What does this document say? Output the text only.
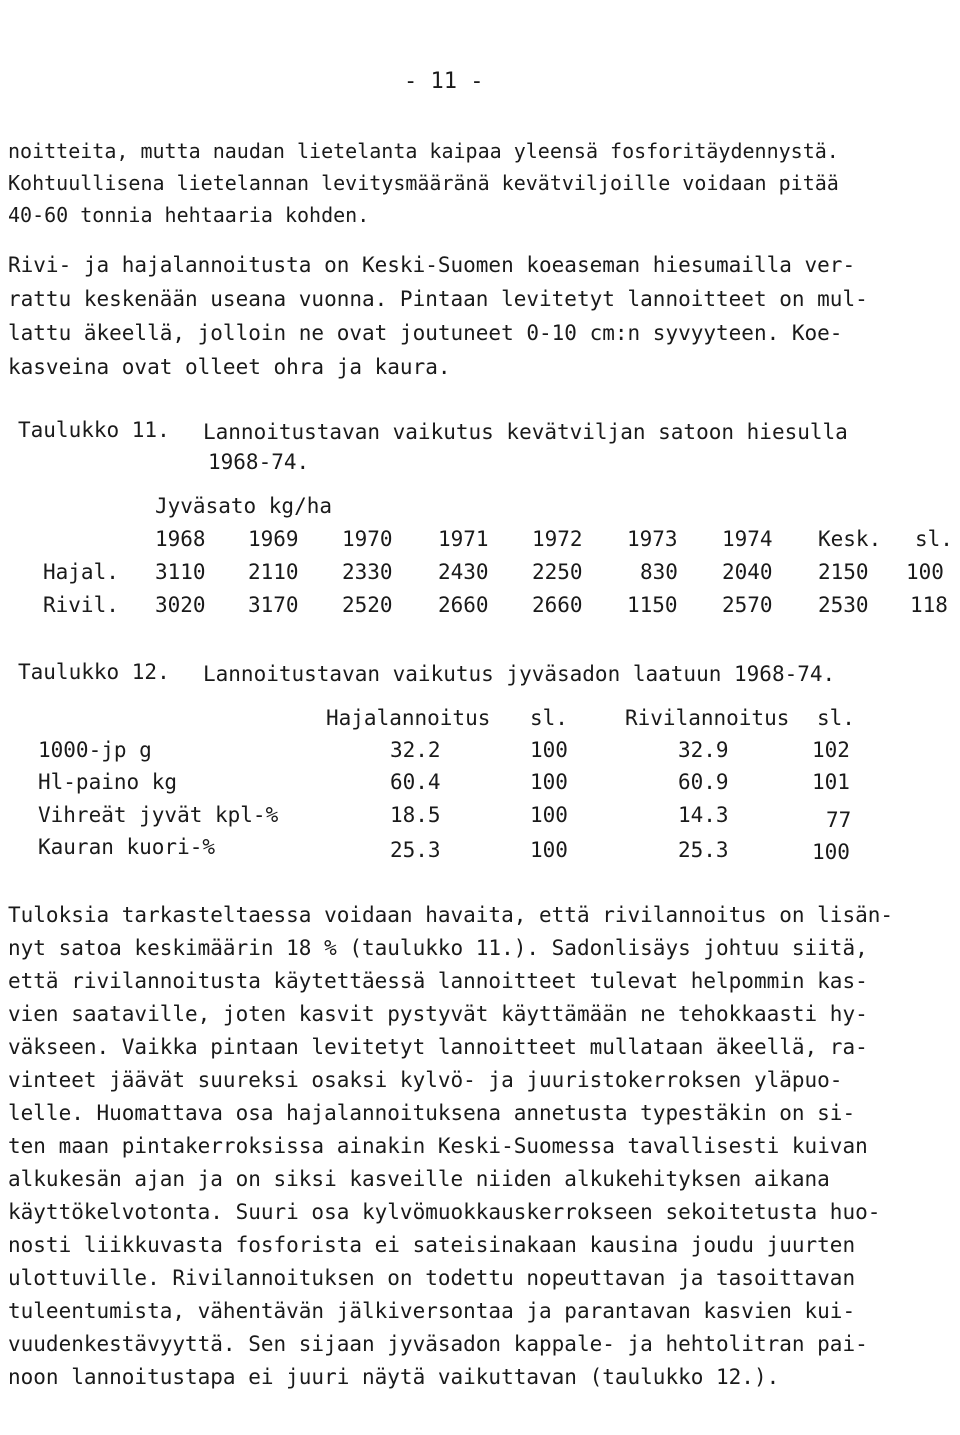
- 11 -
noitteita, mutta naudan lietelanta kaipaa yleensä fosforitäydennystä.
Kohtuullisena lietelannan levitysmääränä kevätviljoille voidaan pitää
40-60 tonnia hehtaaria kohden.
Rivi- ja hajalannoitusta on Keski-Suomen koeaseman hiesumailla ver-
rattu keskenään useana vuonna. Pintaan levitetyt lannoitteet on mul-
lattu äkeellä, jolloin ne ovat joutuneet 0-10 cm:n syvyyteen. Koe-
kasveina ovat olleet ohra ja kaura.
Taulukko 11. Lannoitustavan vaikutus kevätviljan satoon hiesulla
1968-74.
Jyväsato kg/ha
1968 1969 1970 1971 1972 1973 1974 Kesk. sl.
Hajal. 3110 2110 2330 2430 2250	830 2040 2150 100
Rivil. 3020 3170 2520 2660 2660 1150 2570 2530 118
Taulukko 12. Lannoitustavan vaikutus jyväsadon laatuun 1968-74.
Hajalannoitus sl.	Rivilannoitus sl.
1000-jp g	32.2	100	32.9	102
Hl-paino kg	60.4	100	60.9	101
Vihreät jyvät kpl-%	18.5	100	14.3	77
Kauran kuori-%	25.3	100	25.3	100
Tuloksia tarkasteltaessa voidaan havaita, että rivilannoitus on lisän-
nyt satoa keskimäärin 18 % (taulukko 11.). Sadonlisäys johtuu siitä,
että rivilannoitusta käytettäessä lannoitteet tulevat helpommin kas-
vien saataville, joten kasvit pystyvät käyttämään ne tehokkaasti hy-
väkseen. Vaikka pintaan levitetyt lannoitteet mullataan äkeellä, ra-
vinteet jäävät suureksi osaksi kylvö- ja juuristokerroksen yläpuo-
lelle. Huomattava osa hajalannoituksena annetusta typestäkin on si-
ten maan pintakerroksissa ainakin Keski-Suomessa tavallisesti kuivan
alkukesän ajan ja on siksi kasveille niiden alkukehityksen aikana
käyttökelvotonta. Suuri osa kylvömuokkauskerrokseen sekoitetusta huo-
nosti liikkuvasta fosforista ei sateisinakaan kausina joudu juurten
ulottuville. Rivilannoituksen on todettu nopeuttavan ja tasoittavan
tuleentumista, vähentävän jälkiversontaa ja parantavan kasvien kui-
vuudenkestävyyttä. Sen sijaan jyväsadon kappale- ja hehtolitran pai-
noon lannoitustapa ei juuri näytä vaikuttavan (taulukko 12.).
